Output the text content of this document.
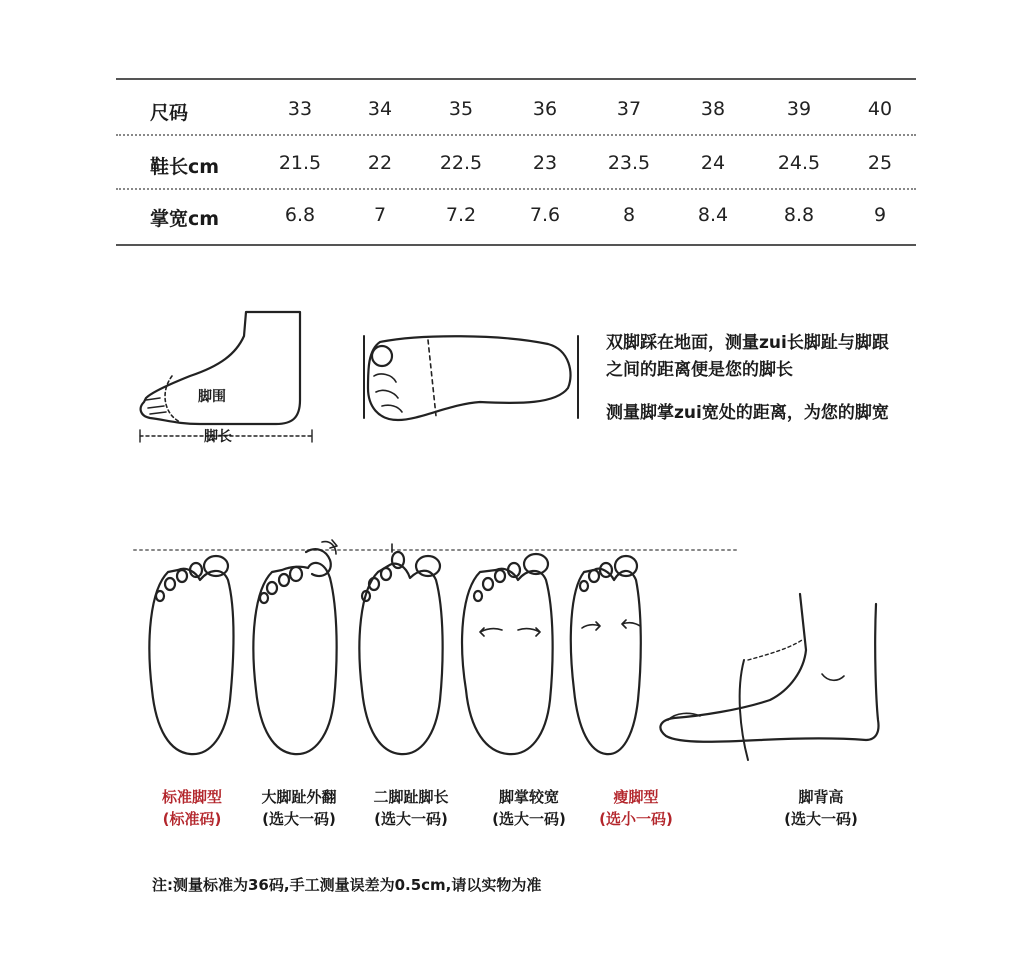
尺码	33	34	35	36	37	38	39	40
鞋长cm	21.5	22	22.5	23	23.5	24	24.5	25
掌宽cm	6.8	7	7.2	7.6	8	8.4	8.8	9
脚围
脚长
双脚踩在地面，测量zui长脚趾与脚跟
之间的距离便是您的脚长
测量脚掌zui宽处的距离，为您的脚宽
标准脚型
(标准码)
大脚趾外翻
(选大一码)
二脚趾脚长
(选大一码)
脚掌较宽
(选大一码)
瘦脚型
(选小一码)
脚背高
(选大一码)
注:测量标准为36码,手工测量误差为0.5cm,请以实物为准
